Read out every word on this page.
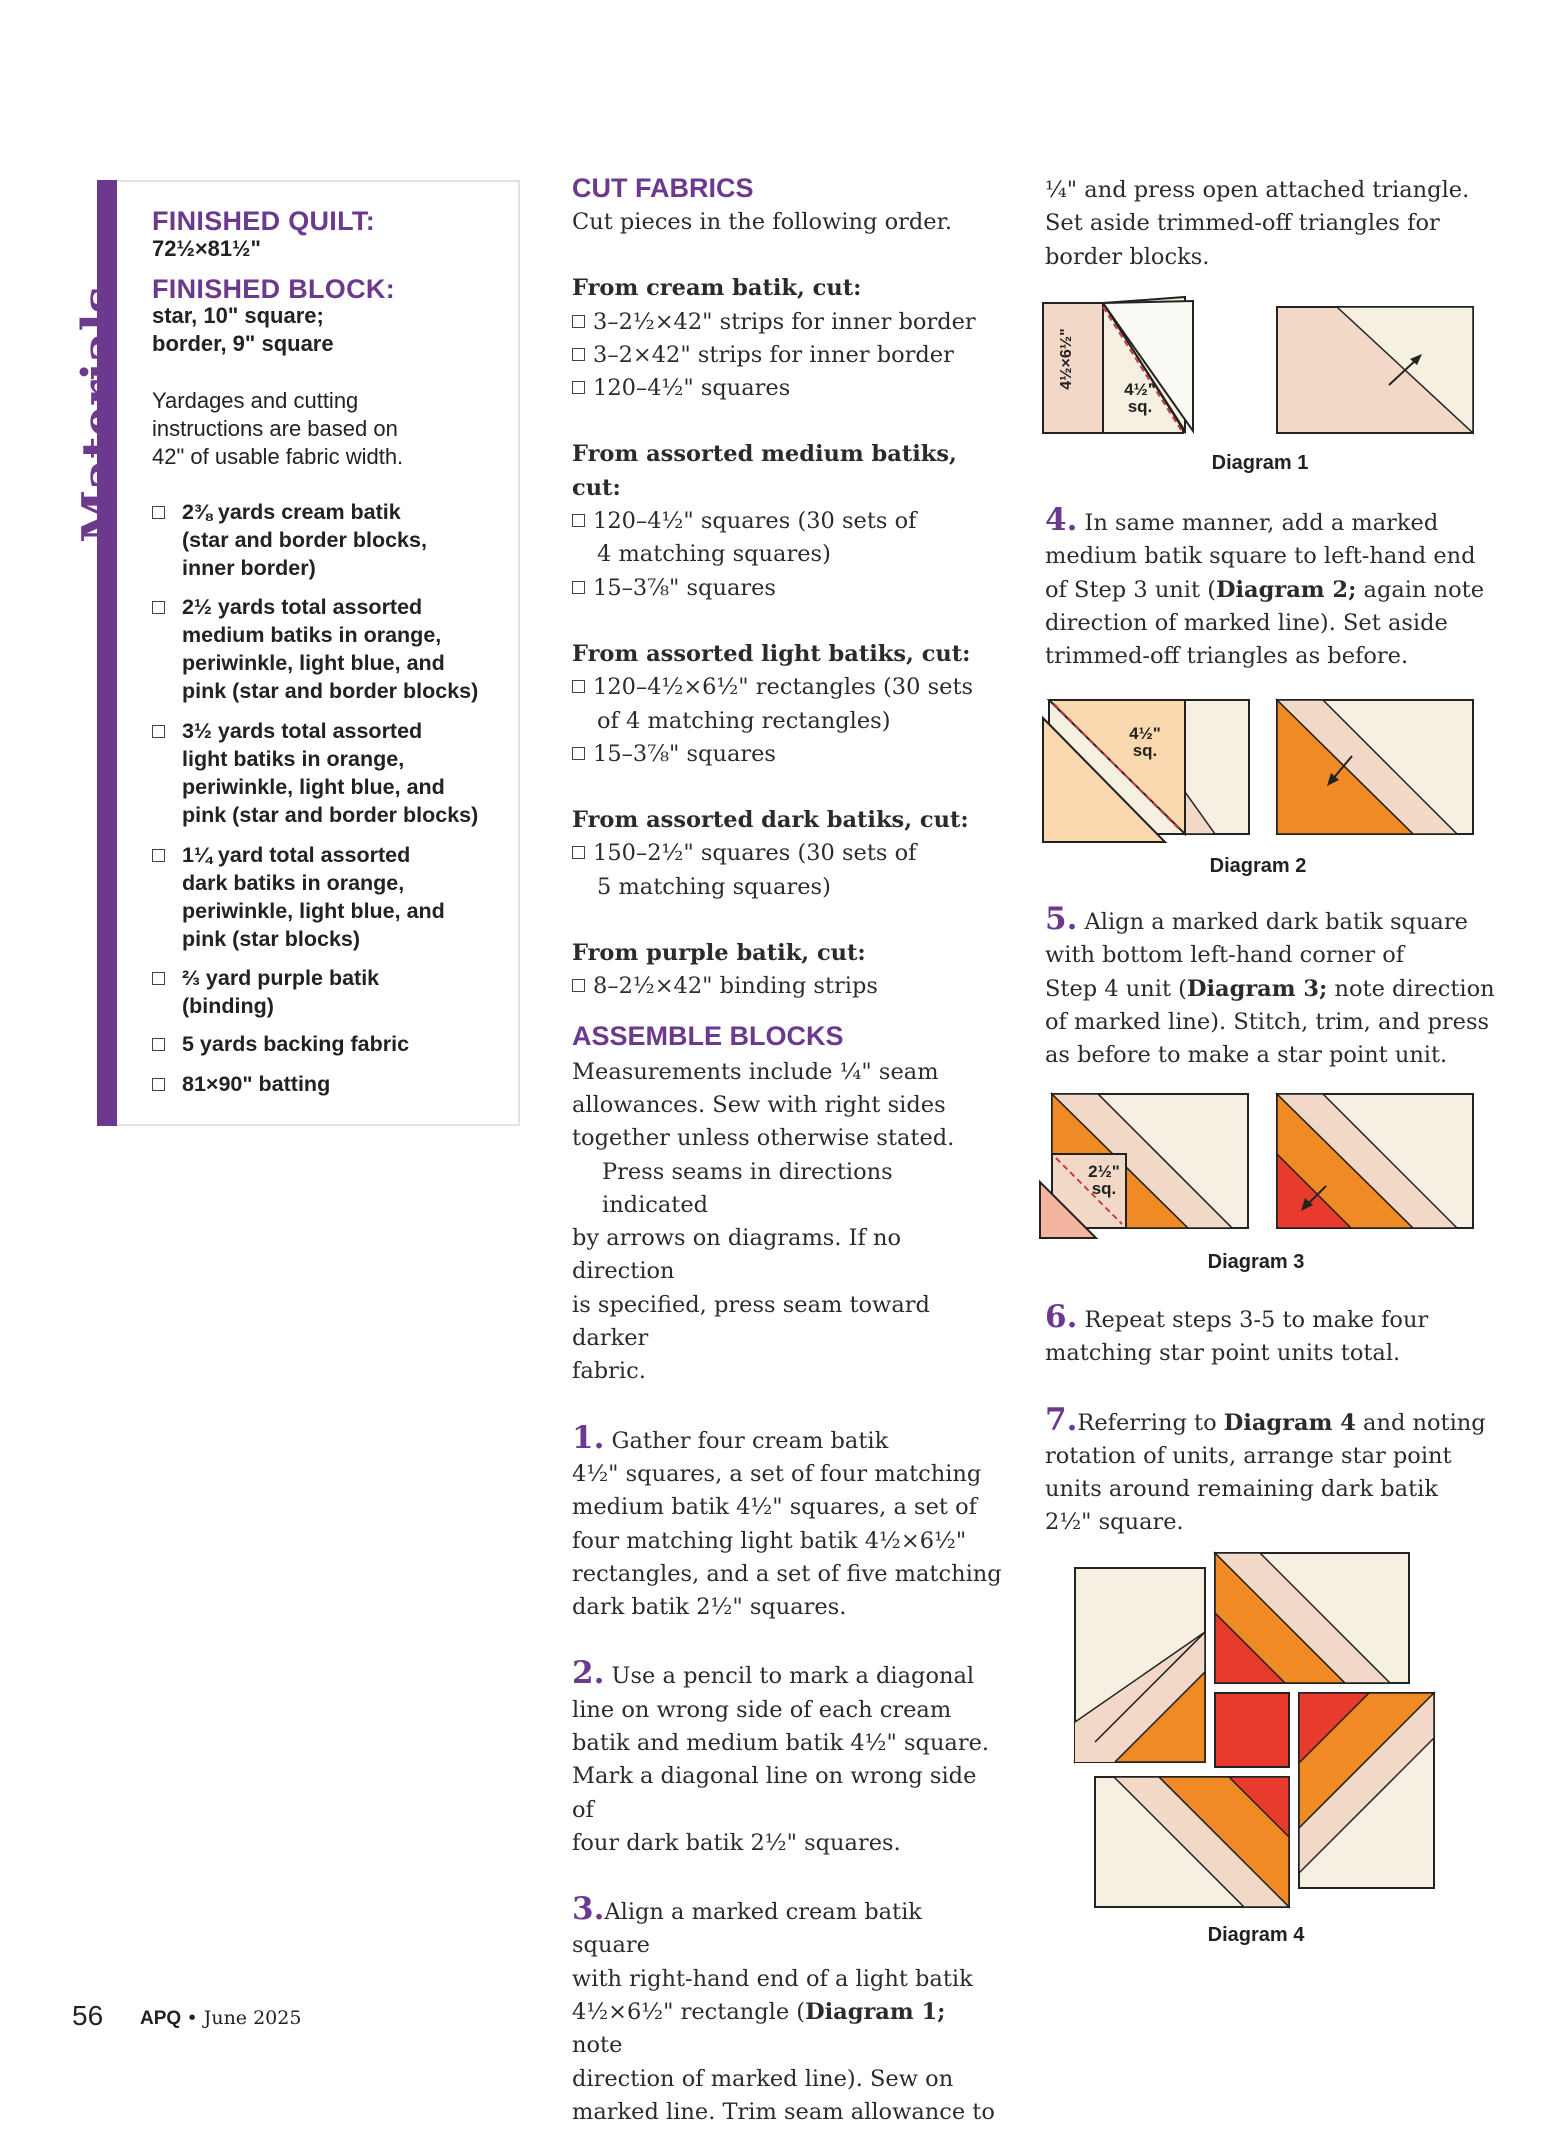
Materials
FINISHED QUILT:
72½×81½"
FINISHED BLOCK:
star, 10" square;
border, 9" square
Yardages and cutting
instructions are based on
42" of usable fabric width.
2⅜ yards cream batik
(star and border blocks,
inner border)
2½ yards total assorted
medium batiks in orange,
periwinkle, light blue, and
pink (star and border blocks)
3½ yards total assorted
light batiks in orange,
periwinkle, light blue, and
pink (star and border blocks)
1¼ yard total assorted
dark batiks in orange,
periwinkle, light blue, and
pink (star blocks)
⅔ yard purple batik
(binding)
5 yards backing fabric
81×90" batting
CUT FABRICS
Cut pieces in the following order.
From cream batik, cut:
3–2½×42" strips for inner border
3–2×42" strips for inner border
120–4½" squares
From assorted medium batiks, cut:
120–4½" squares (30 sets of
4 matching squares)
15–3⅞" squares
From assorted light batiks, cut:
120–4½×6½" rectangles (30 sets
of 4 matching rectangles)
15–3⅞" squares
From assorted dark batiks, cut:
150–2½" squares (30 sets of
5 matching squares)
From purple batik, cut:
8–2½×42" binding strips
ASSEMBLE BLOCKS
Measurements include ¼" seam
allowances. Sew with right sides
together unless otherwise stated.
Press seams in directions indicated
by arrows on diagrams. If no direction
is specified, press seam toward darker
fabric.
1. Gather four cream batik
4½" squares, a set of four matching
medium batik 4½" squares, a set of
four matching light batik 4½×6½"
rectangles, and a set of five matching
dark batik 2½" squares.
2. Use a pencil to mark a diagonal
line on wrong side of each cream
batik and medium batik 4½" square.
Mark a diagonal line on wrong side of
four dark batik 2½" squares.
3.Align a marked cream batik square
with right-hand end of a light batik
4½×6½" rectangle (Diagram 1; note
direction of marked line). Sew on
marked line. Trim seam allowance to
¼" and press open attached triangle.
Set aside trimmed-off triangles for
border blocks.
4½×6½"	4½"
sq.
Diagram 1
4. In same manner, add a marked
medium batik square to left-hand end
of Step 3 unit (Diagram 2; again note
direction of marked line). Set aside
trimmed-off triangles as before.
4½"
sq.
Diagram 2
5. Align a marked dark batik square
with bottom left-hand corner of
Step 4 unit (Diagram 3; note direction
of marked line). Stitch, trim, and press
as before to make a star point unit.
2½"
sq.
Diagram 3
6. Repeat steps 3-5 to make four
matching star point units total.
7.Referring to Diagram 4 and noting
rotation of units, arrange star point
units around remaining dark batik
2½" square.
Diagram 4
56 APQ • June 2025
